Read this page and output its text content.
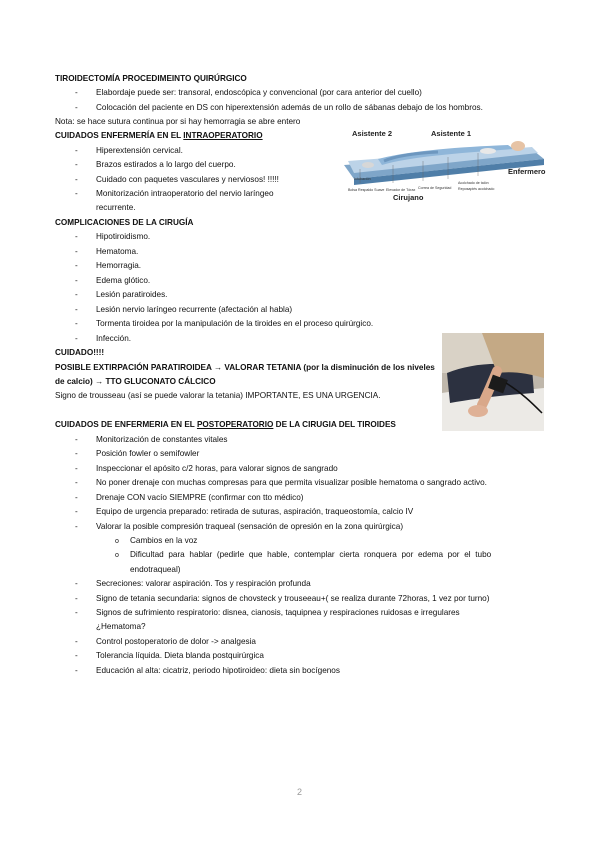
TIROIDECTOMÍA PROCEDIMEINTO QUIRÚRGICO
- Elabordaje puede ser: transoral, endoscópica y convencional (por cara anterior del cuello)
- Colocación del paciente en DS con hiperextensión además de un rollo de sábanas debajo de los hombros.
Nota: se hace sutura continua por si hay hemorragia se abre entero
CUIDADOS ENFERMERÍA EN EL INTRAOPERATORIO
- Hiperextensión cervical.
- Brazos estirados a lo largo del cuerpo.
- Cuidado con paquetes vasculares y nerviosos! !!!!!
- Monitorización intraoperatorio del nervio laríngeo
recurrente.
Asistente 2	Asistente 1
Enfermero
Cirujano
Intubación
Bolsa Respaldo Suave Elevador de Tórax Correa de Seguridad
Acolchado de talón
Reposapiés acolchado
COMPLICACIONES DE LA CIRUGÍA
- Hipotiroidismo.
- Hematoma.
- Hemorragia.
- Edema glótico.
- Lesión paratiroides.
- Lesión nervio laríngeo recurrente (afectación al habla)
- Tormenta tiroidea por la manipulación de la tiroides en el proceso quirúrgico.
- Infección.
CUIDADO!!!!
POSIBLE EXTIRPACIÓN PARATIROIDEA → VALORAR TETANIA (por la disminución de los niveles
de calcio) → TTO GLUCONATO CÁLCICO
Signo de trousseau (así se puede valorar la tetania) IMPORTANTE, ES UNA URGENCIA.
CUIDADOS DE ENFERMERIA EN EL POSTOPERATORIO DE LA CIRUGIA DEL TIROIDES
- Monitorización de constantes vitales
- Posición fowler o semifowler
- Inspeccionar el apósito c/2 horas, para valorar signos de sangrado
- No poner drenaje con muchas compresas para que permita visualizar posible hematoma o sangrado activo.
- Drenaje CON vacío SIEMPRE (confirmar con tto médico)
- Equipo de urgencia preparado: retirada de suturas, aspiración, traqueostomía, calcio IV
- Valorar la posible compresión traqueal (sensación de opresión en la zona quirúrgica)
o Cambios en la voz
o Dificultad para hablar (pedirle que hable, contemplar cierta ronquera por edema por el tubo
endotraqueal)
- Secreciones: valorar aspiración. Tos y respiración profunda
- Signo de tetania secundaria: signos de chovsteck y trouseeau+( se realiza durante 72horas, 1 vez por turno)
- Signos de sufrimiento respiratorio: disnea, cianosis, taquipnea y respiraciones ruidosas e irregulares
¿Hematoma?
- Control postoperatorio de dolor -> analgesia
- Tolerancia líquida. Dieta blanda postquirúrgica
- Educación al alta: cicatriz, periodo hipotiroideo: dieta sin bocígenos
2
